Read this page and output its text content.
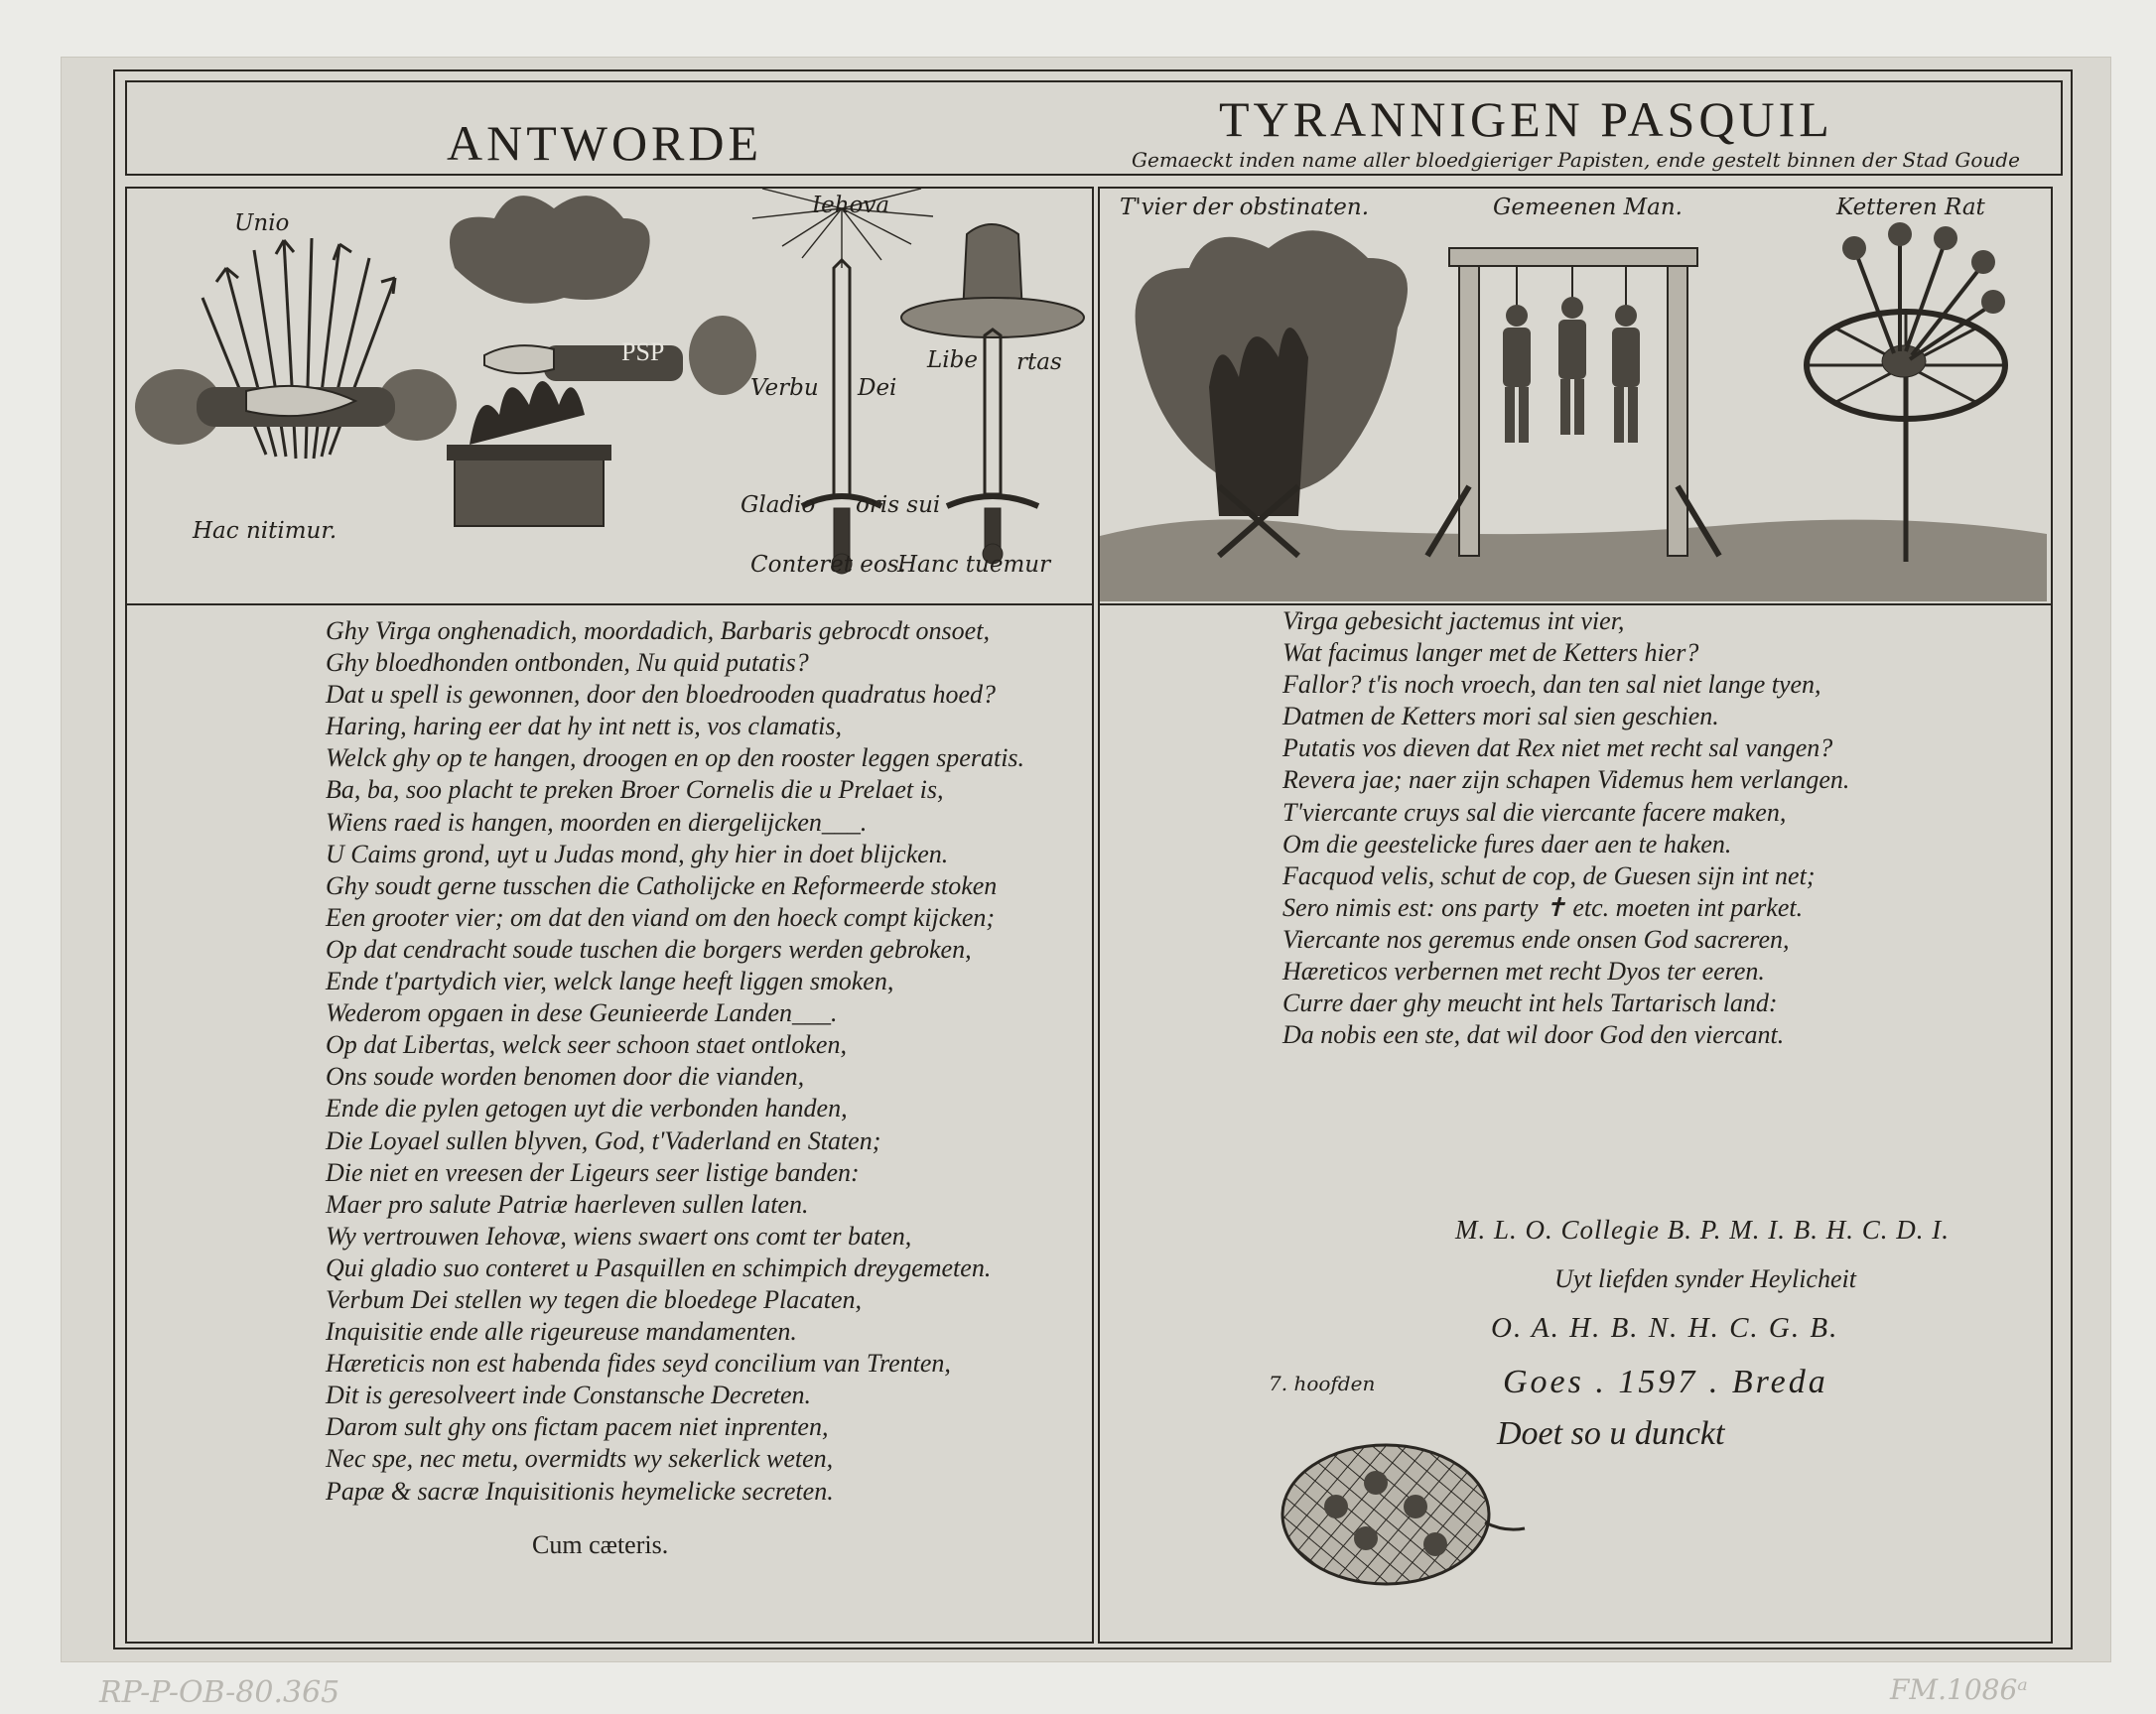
ANTWORDE	TYRANNIGEN PASQUIL
Gemaeckt inden name aller bloedgieriger Papisten, ende gestelt binnen der Stad Goude
Unio
Hac nitimur.
PSP
Iehova
Verbu Dei
Gladio oris sui
Conteret eos.
Libe rtas
Hanc tuemur
Ghy Virga onghenadich, moordadich, Barbaris gebrocdt onsoet,
Ghy bloedhonden ontbonden, Nu quid putatis?
Dat u spell is gewonnen, door den bloedrooden quadratus hoed?
Haring, haring eer dat hy int nett is, vos clamatis,
Welck ghy op te hangen, droogen en op den rooster leggen speratis.
Ba, ba, soo placht te preken Broer Cornelis die u Prelaet is,
Wiens raed is hangen, moorden en diergelijcken___.
U Caims grond, uyt u Judas mond, ghy hier in doet blijcken.
Ghy soudt gerne tusschen die Catholijcke en Reformeerde stoken
Een grooter vier; om dat den viand om den hoeck compt kijcken;
Op dat cendracht soude tuschen die borgers werden gebroken,
Ende t'partydich vier, welck lange heeft liggen smoken,
Wederom opgaen in dese Geunieerde Landen___.
Op dat Libertas, welck seer schoon staet ontloken,
Ons soude worden benomen door die vianden,
Ende die pylen getogen uyt die verbonden handen,
Die Loyael sullen blyven, God, t'Vaderland en Staten;
Die niet en vreesen der Ligeurs seer listige banden:
Maer pro salute Patriæ haerleven sullen laten.
Wy vertrouwen Iehovæ, wiens swaert ons comt ter baten,
Qui gladio suo conteret u Pasquillen en schimpich dreygemeten.
Verbum Dei stellen wy tegen die bloedege Placaten,
Inquisitie ende alle rigeureuse mandamenten.
Hæreticis non est habenda fides seyd concilium van Trenten,
Dit is geresolveert inde Constansche Decreten.
Darom sult ghy ons fictam pacem niet inprenten,
Nec spe, nec metu, overmidts wy sekerlick weten,
Papæ & sacræ Inquisitionis heymelicke secreten.
T'vier der obstinaten.	Gemeenen Man.	Ketteren Rat
Virga gebesicht jactemus int vier,
Wat facimus langer met de Ketters hier?
Fallor? t'is noch vroech, dan ten sal niet lange tyen,
Datmen de Ketters mori sal sien geschien.
Putatis vos dieven dat Rex niet met recht sal vangen?
Revera jae; naer zijn schapen Videmus hem verlangen.
T'viercante cruys sal die viercante facere maken,
Om die geestelicke fures daer aen te haken.
Facquod velis, schut de cop, de Guesen sijn int net;
Sero nimis est: ons party ✝ etc. moeten int parket.
Viercante nos geremus ende onsen God sacreren,
Hæreticos verbernen met recht Dyos ter eeren.
Curre daer ghy meucht int hels Tartarisch land:
Da nobis een ste, dat wil door God den viercant.
Cum cæteris.
M. L. O. Collegie B. P. M. I. B. H. C. D. I.
Uyt liefden synder Heylicheit
O. A. H. B. N. H. C. G. B.
Goes . 1597 . Breda
Doet so u dunckt
7. hoofden
RP-P-OB-80.365	FM.1086ᵃ
